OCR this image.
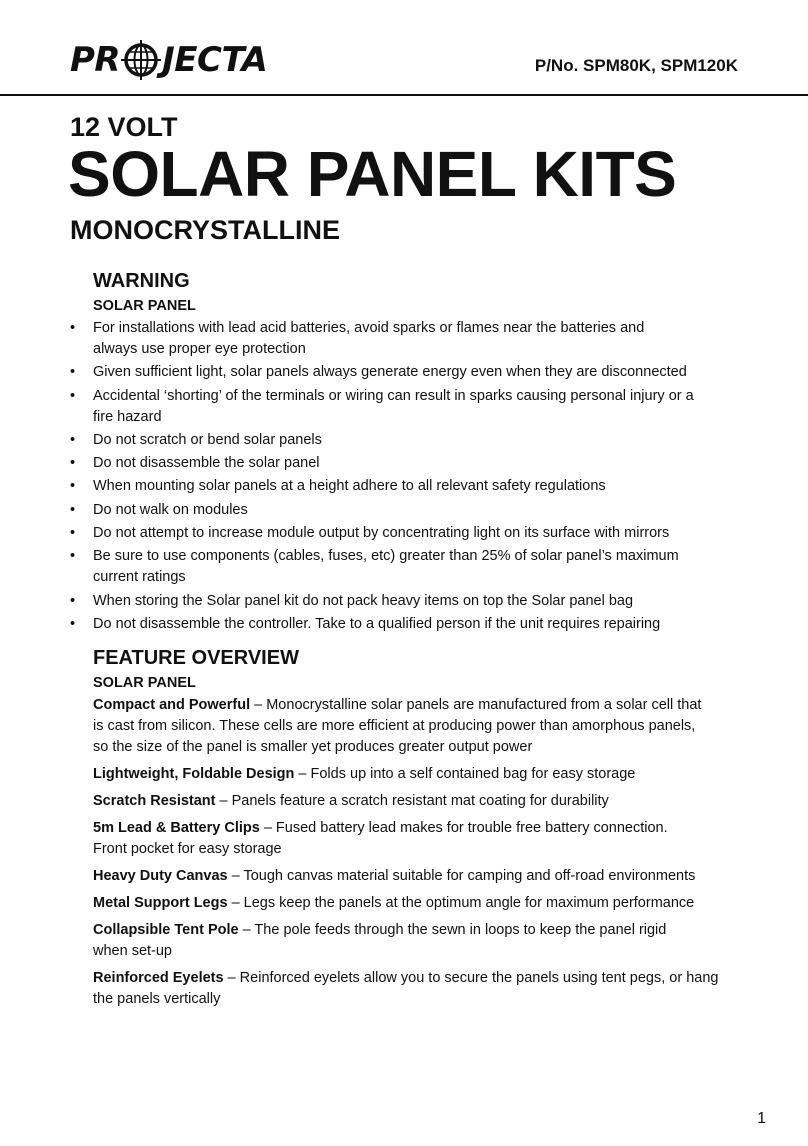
PR JECTA	P/No. SPM80K, SPM120K
12 VOLT
SOLAR PANEL KITS
MONOCRYSTALLINE
WARNING
SOLAR PANEL
• For installations with lead acid batteries, avoid sparks or flames near the batteries and
always use proper eye protection
• Given sufficient light, solar panels always generate energy even when they are disconnected
• Accidental ‘shorting’ of the terminals or wiring can result in sparks causing personal injury or a
fire hazard
• Do not scratch or bend solar panels
• Do not disassemble the solar panel
• When mounting solar panels at a height adhere to all relevant safety regulations
• Do not walk on modules
• Do not attempt to increase module output by concentrating light on its surface with mirrors
• Be sure to use components (cables, fuses, etc) greater than 25% of solar panel’s maximum
current ratings
• When storing the Solar panel kit do not pack heavy items on top the Solar panel bag
• Do not disassemble the controller. Take to a qualified person if the unit requires repairing
FEATURE OVERVIEW
SOLAR PANEL
Compact and Powerful – Monocrystalline solar panels are manufactured from a solar cell that
is cast from silicon. These cells are more efficient at producing power than amorphous panels,
so the size of the panel is smaller yet produces greater output power
Lightweight, Foldable Design – Folds up into a self contained bag for easy storage
Scratch Resistant – Panels feature a scratch resistant mat coating for durability
5m Lead & Battery Clips – Fused battery lead makes for trouble free battery connection.
Front pocket for easy storage
Heavy Duty Canvas – Tough canvas material suitable for camping and off-road environments
Metal Support Legs – Legs keep the panels at the optimum angle for maximum performance
Collapsible Tent Pole – The pole feeds through the sewn in loops to keep the panel rigid
when set-up
Reinforced Eyelets – Reinforced eyelets allow you to secure the panels using tent pegs, or hang
the panels vertically
1
